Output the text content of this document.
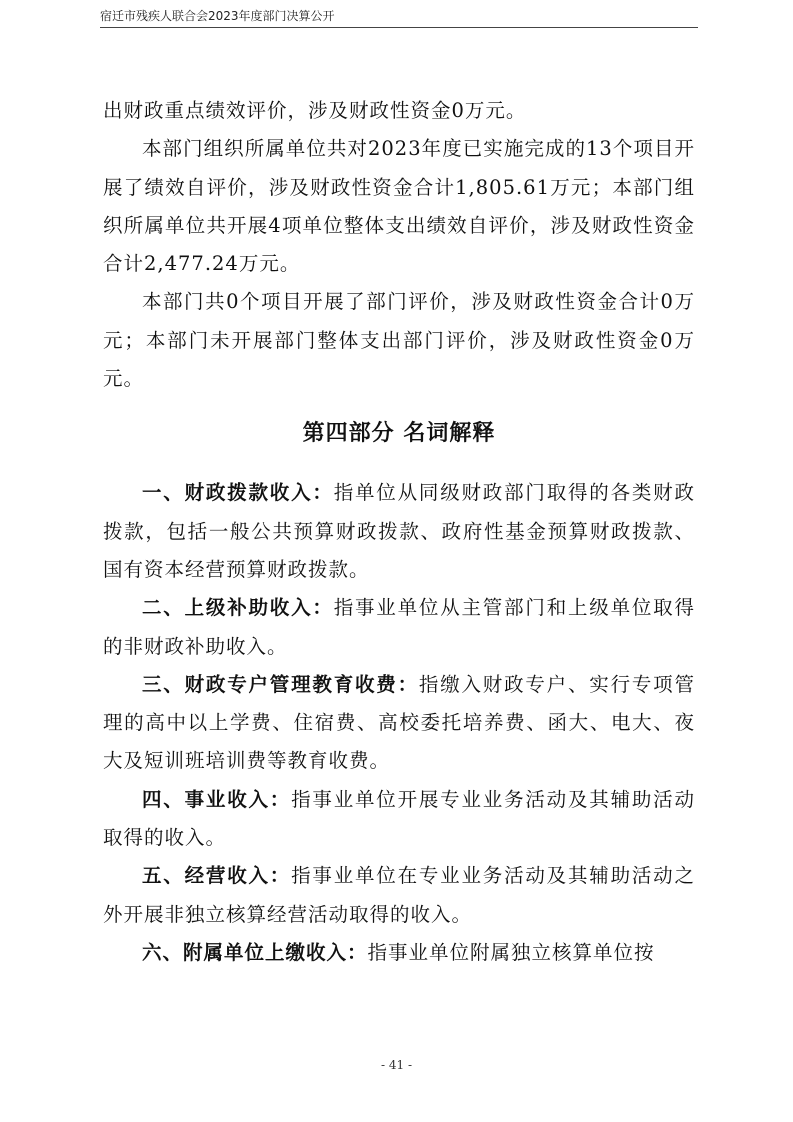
宿迁市残疾人联合会2023年度部门决算公开

出财政重点绩效评价，涉及财政性资金0万元。

本部门组织所属单位共对2023年度已实施完成的13个项目开展了绩效自评价，涉及财政性资金合计1,805.61万元；本部门组织所属单位共开展4项单位整体支出绩效自评价，涉及财政性资金合计2,477.24万元。

本部门共0个项目开展了部门评价，涉及财政性资金合计0万元；本部门未开展部门整体支出部门评价，涉及财政性资金0万元。

第四部分 名词解释

一、财政拨款收入：指单位从同级财政部门取得的各类财政拨款，包括一般公共预算财政拨款、政府性基金预算财政拨款、国有资本经营预算财政拨款。

二、上级补助收入：指事业单位从主管部门和上级单位取得的非财政补助收入。

三、财政专户管理教育收费：指缴入财政专户、实行专项管理的高中以上学费、住宿费、高校委托培养费、函大、电大、夜大及短训班培训费等教育收费。

四、事业收入：指事业单位开展专业业务活动及其辅助活动取得的收入。

五、经营收入：指事业单位在专业业务活动及其辅助活动之外开展非独立核算经营活动取得的收入。

六、附属单位上缴收入：指事业单位附属独立核算单位按

- 41 -
